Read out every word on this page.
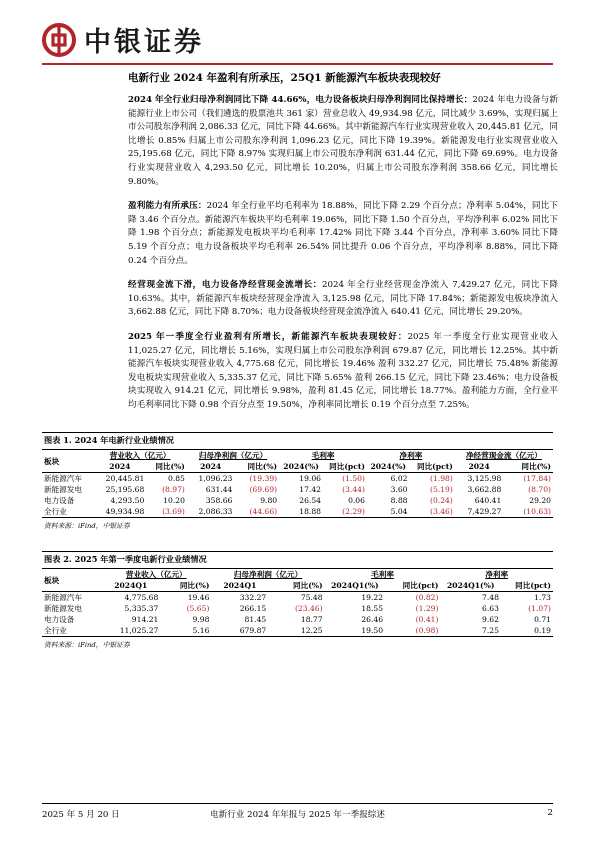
中银证券
电新行业 2024 年盈利有所承压，25Q1 新能源汽车板块表现较好

2024 年全行业归母净利润同比下降 44.66%，电力设备板块归母净利润同比保持增长：2024 年电力设备与新能源行业上市公司（我们遴选的股票池共 361 家）营业总收入 49,934.98 亿元，同比减少 3.69%，实现归属上市公司股东净利润 2,086.33 亿元，同比下降 44.66%。其中新能源汽车行业实现营业收入 20,445.81 亿元，同比增长 0.85% 归属上市公司股东净利润 1,096.23 亿元，同比下降 19.39%。新能源发电行业实现营业收入 25,195.68 亿元，同比下降 8.97% 实现归属上市公司股东净利润 631.44 亿元，同比下降 69.69%。电力设备行业实现营业收入 4,293.50 亿元，同比增长 10.20%，归属上市公司股东净利润 358.66 亿元，同比增长 9.80%。

盈利能力有所承压：2024 年全行业平均毛利率为 18.88%，同比下降 2.29 个百分点；净利率 5.04%，同比下降 3.46 个百分点。新能源汽车板块平均毛利率 19.06%，同比下降 1.50 个百分点，平均净利率 6.02% 同比下降 1.98 个百分点；新能源发电板块平均毛利率 17.42% 同比下降 3.44 个百分点，净利率 3.60% 同比下降 5.19 个百分点；电力设备板块平均毛利率 26.54% 同比提升 0.06 个百分点，平均净利率 8.88%，同比下降 0.24 个百分点。

经营现金流下滑，电力设备净经营现金流增长：2024 年全行业经营现金净流入 7,429.27 亿元，同比下降 10.63%。其中，新能源汽车板块经营现金净流入 3,125.98 亿元，同比下降 17.84%；新能源发电板块净流入 3,662.88 亿元，同比下降 8.70%；电力设备板块经营现金流净流入 640.41 亿元，同比增长 29.20%。

2025 年一季度全行业盈利有所增长，新能源汽车板块表现较好：2025 年一季度全行业实现营业收入 11,025.27 亿元，同比增长 5.16%，实现归属上市公司股东净利润 679.87 亿元，同比增长 12.25%。其中新能源汽车板块实现营业收入 4,775.68 亿元，同比增长 19.46% 盈利 332.27 亿元，同比增长 75.48% 新能源发电板块实现营业收入 5,335.37 亿元，同比下降 5.65% 盈利 266.15 亿元，同比下降 23.46%；电力设备板块实现收入 914.21 亿元，同比增长 9.98%，盈利 81.45 亿元，同比增长 18.77%。盈利能力方面，全行业平均毛利率同比下降 0.98 个百分点至 19.50%，净利率同比增长 0.19 个百分点至 7.25%。

图表 1. 2024 年电新行业业绩情况
板块	营业收入（亿元）		归母净利润（亿元）		毛利率		净利率		净经营现金流（亿元）	
	2024	同比(%)	2024	同比(%)	2024(%)	同比(pct)	2024(%)	同比(pct)	2024	同比(%)
新能源汽车	20,445.81	0.85	1,096.23	(19.39)	19.06	(1.50)	6.02	(1.98)	3,125.98	(17.84)
新能源发电	25,195.68	(8.97)	631.44	(69.69)	17.42	(3.44)	3.60	(5.19)	3,662.88	(8.70)
电力设备	4,293.50	10.20	358.66	9.80	26.54	0.06	8.88	(0.24)	640.41	29.20
全行业	49,934.98	(3.69)	2,086.33	(44.66)	18.88	(2.29)	5.04	(3.46)	7,429.27	(10.63)
资料来源：iFind，中银证券
图表 2. 2025 年第一季度电新行业业绩情况
板块	营业收入（亿元）		归母净利润（亿元）		毛利率		净利率	
	2024Q1	同比(%)	2024Q1	同比(%)	2024Q1(%)	同比(pct)	2024Q1(%)	同比(pct)
新能源汽车	4,775.68	19.46	332.27	75.48	19.22	(0.82)	7.48	1.73
新能源发电	5,335.37	(5.65)	266.15	(23.46)	18.55	(1.29)	6.63	(1.07)
电力设备	914.21	9.98	81.45	18.77	26.46	(0.41)	9.62	0.71
全行业	11,025.27	5.16	679.87	12.25	19.50	(0.98)	7.25	0.19
资料来源：iFind，中银证券
2025 年 5 月 20 日	电新行业 2024 年年报与 2025 年一季报综述	2
